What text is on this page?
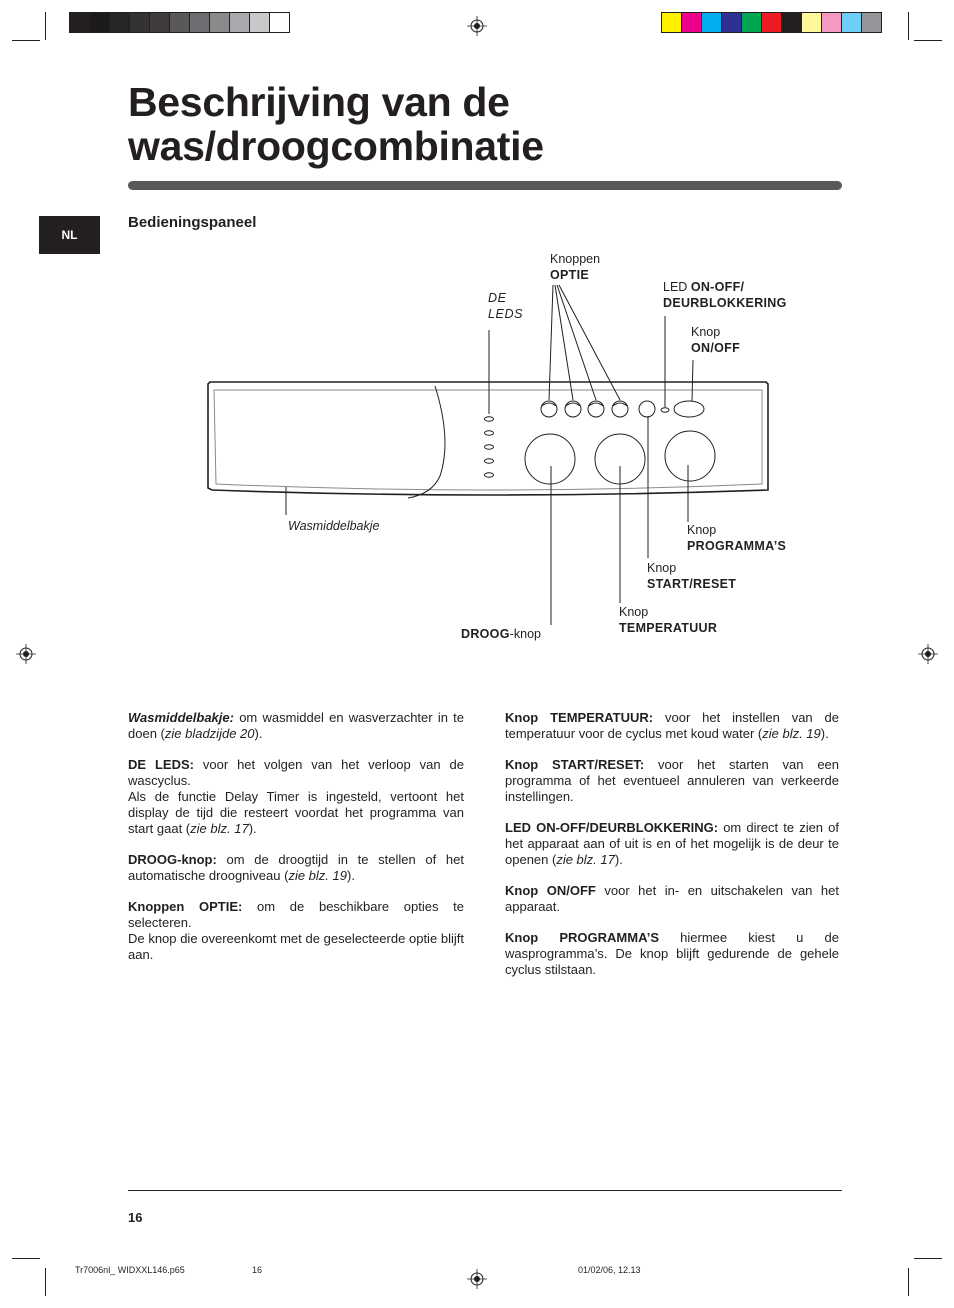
Beschrijving van de
was/droogcombinatie
NL
Bedieningspaneel
Knoppen
OPTIE
DE
LEDS
LED ON-OFF/
DEURBLOKKERING
Knop
ON/OFF
Wasmiddelbakje	Knop
PROGRAMMA’S
Knop
START/RESET
Knop
TEMPERATUUR
DROOG-knop

Wasmiddelbakje: om wasmiddel en wasverzachter in te doen (zie bladzijde 20).

DE LEDS: voor het volgen van het verloop van de wascyclus.
Als de functie Delay Timer is ingesteld, vertoont het display de tijd die resteert voordat het programma van start gaat (zie blz. 17).

DROOG-knop: om de droogtijd in te stellen of het automatische droogniveau (zie blz. 19).

Knoppen OPTIE: om de beschikbare opties te selecteren.
De knop die overeenkomt met de geselecteerde optie blijft aan.

Knop TEMPERATUUR: voor het instellen van de temperatuur voor de cyclus met koud water (zie blz. 19).

Knop START/RESET: voor het starten van een programma of het eventueel annuleren van verkeerde instellingen.

LED ON-OFF/DEURBLOKKERING: om direct te zien of het apparaat aan of uit is en of het mogelijk is de deur te openen (zie blz. 17).

Knop ON/OFF voor het in- en uitschakelen van het apparaat.

Knop PROGRAMMA’S hiermee kiest u de wasprogramma’s. De knop blijft gedurende de gehele cyclus stilstaan.

16
Tr7006nl_ WIDXXL146.p65	16	01/02/06, 12.13
